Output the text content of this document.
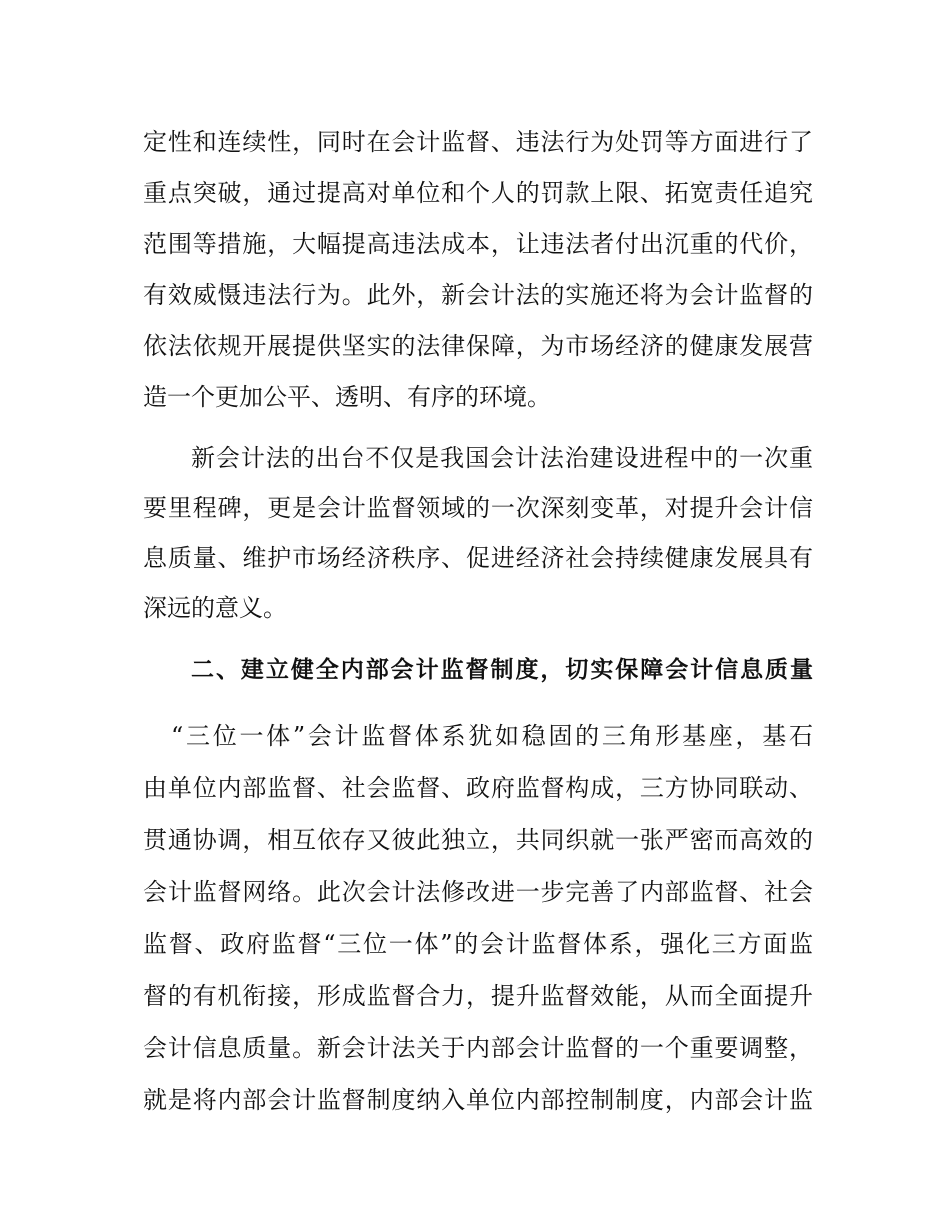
定性和连续性，同时在会计监督、违法行为处罚等方面进行了
重点突破，通过提高对单位和个人的罚款上限、拓宽责任追究
范围等措施，大幅提高违法成本，让违法者付出沉重的代价，
有效威慑违法行为。此外，新会计法的实施还将为会计监督的
依法依规开展提供坚实的法律保障，为市场经济的健康发展营
造一个更加公平、透明、有序的环境。
新会计法的出台不仅是我国会计法治建设进程中的一次重
要里程碑，更是会计监督领域的一次深刻变革，对提升会计信
息质量、维护市场经济秩序、促进经济社会持续健康发展具有
深远的意义。
二、建立健全内部会计监督制度，切实保障会计信息质量
“三位一体”会计监督体系犹如稳固的三角形基座，基石
由单位内部监督、社会监督、政府监督构成，三方协同联动、
贯通协调，相互依存又彼此独立，共同织就一张严密而高效的
会计监督网络。此次会计法修改进一步完善了内部监督、社会
监督、政府监督“三位一体”的会计监督体系，强化三方面监
督的有机衔接，形成监督合力，提升监督效能，从而全面提升
会计信息质量。新会计法关于内部会计监督的一个重要调整，
就是将内部会计监督制度纳入单位内部控制制度，内部会计监
